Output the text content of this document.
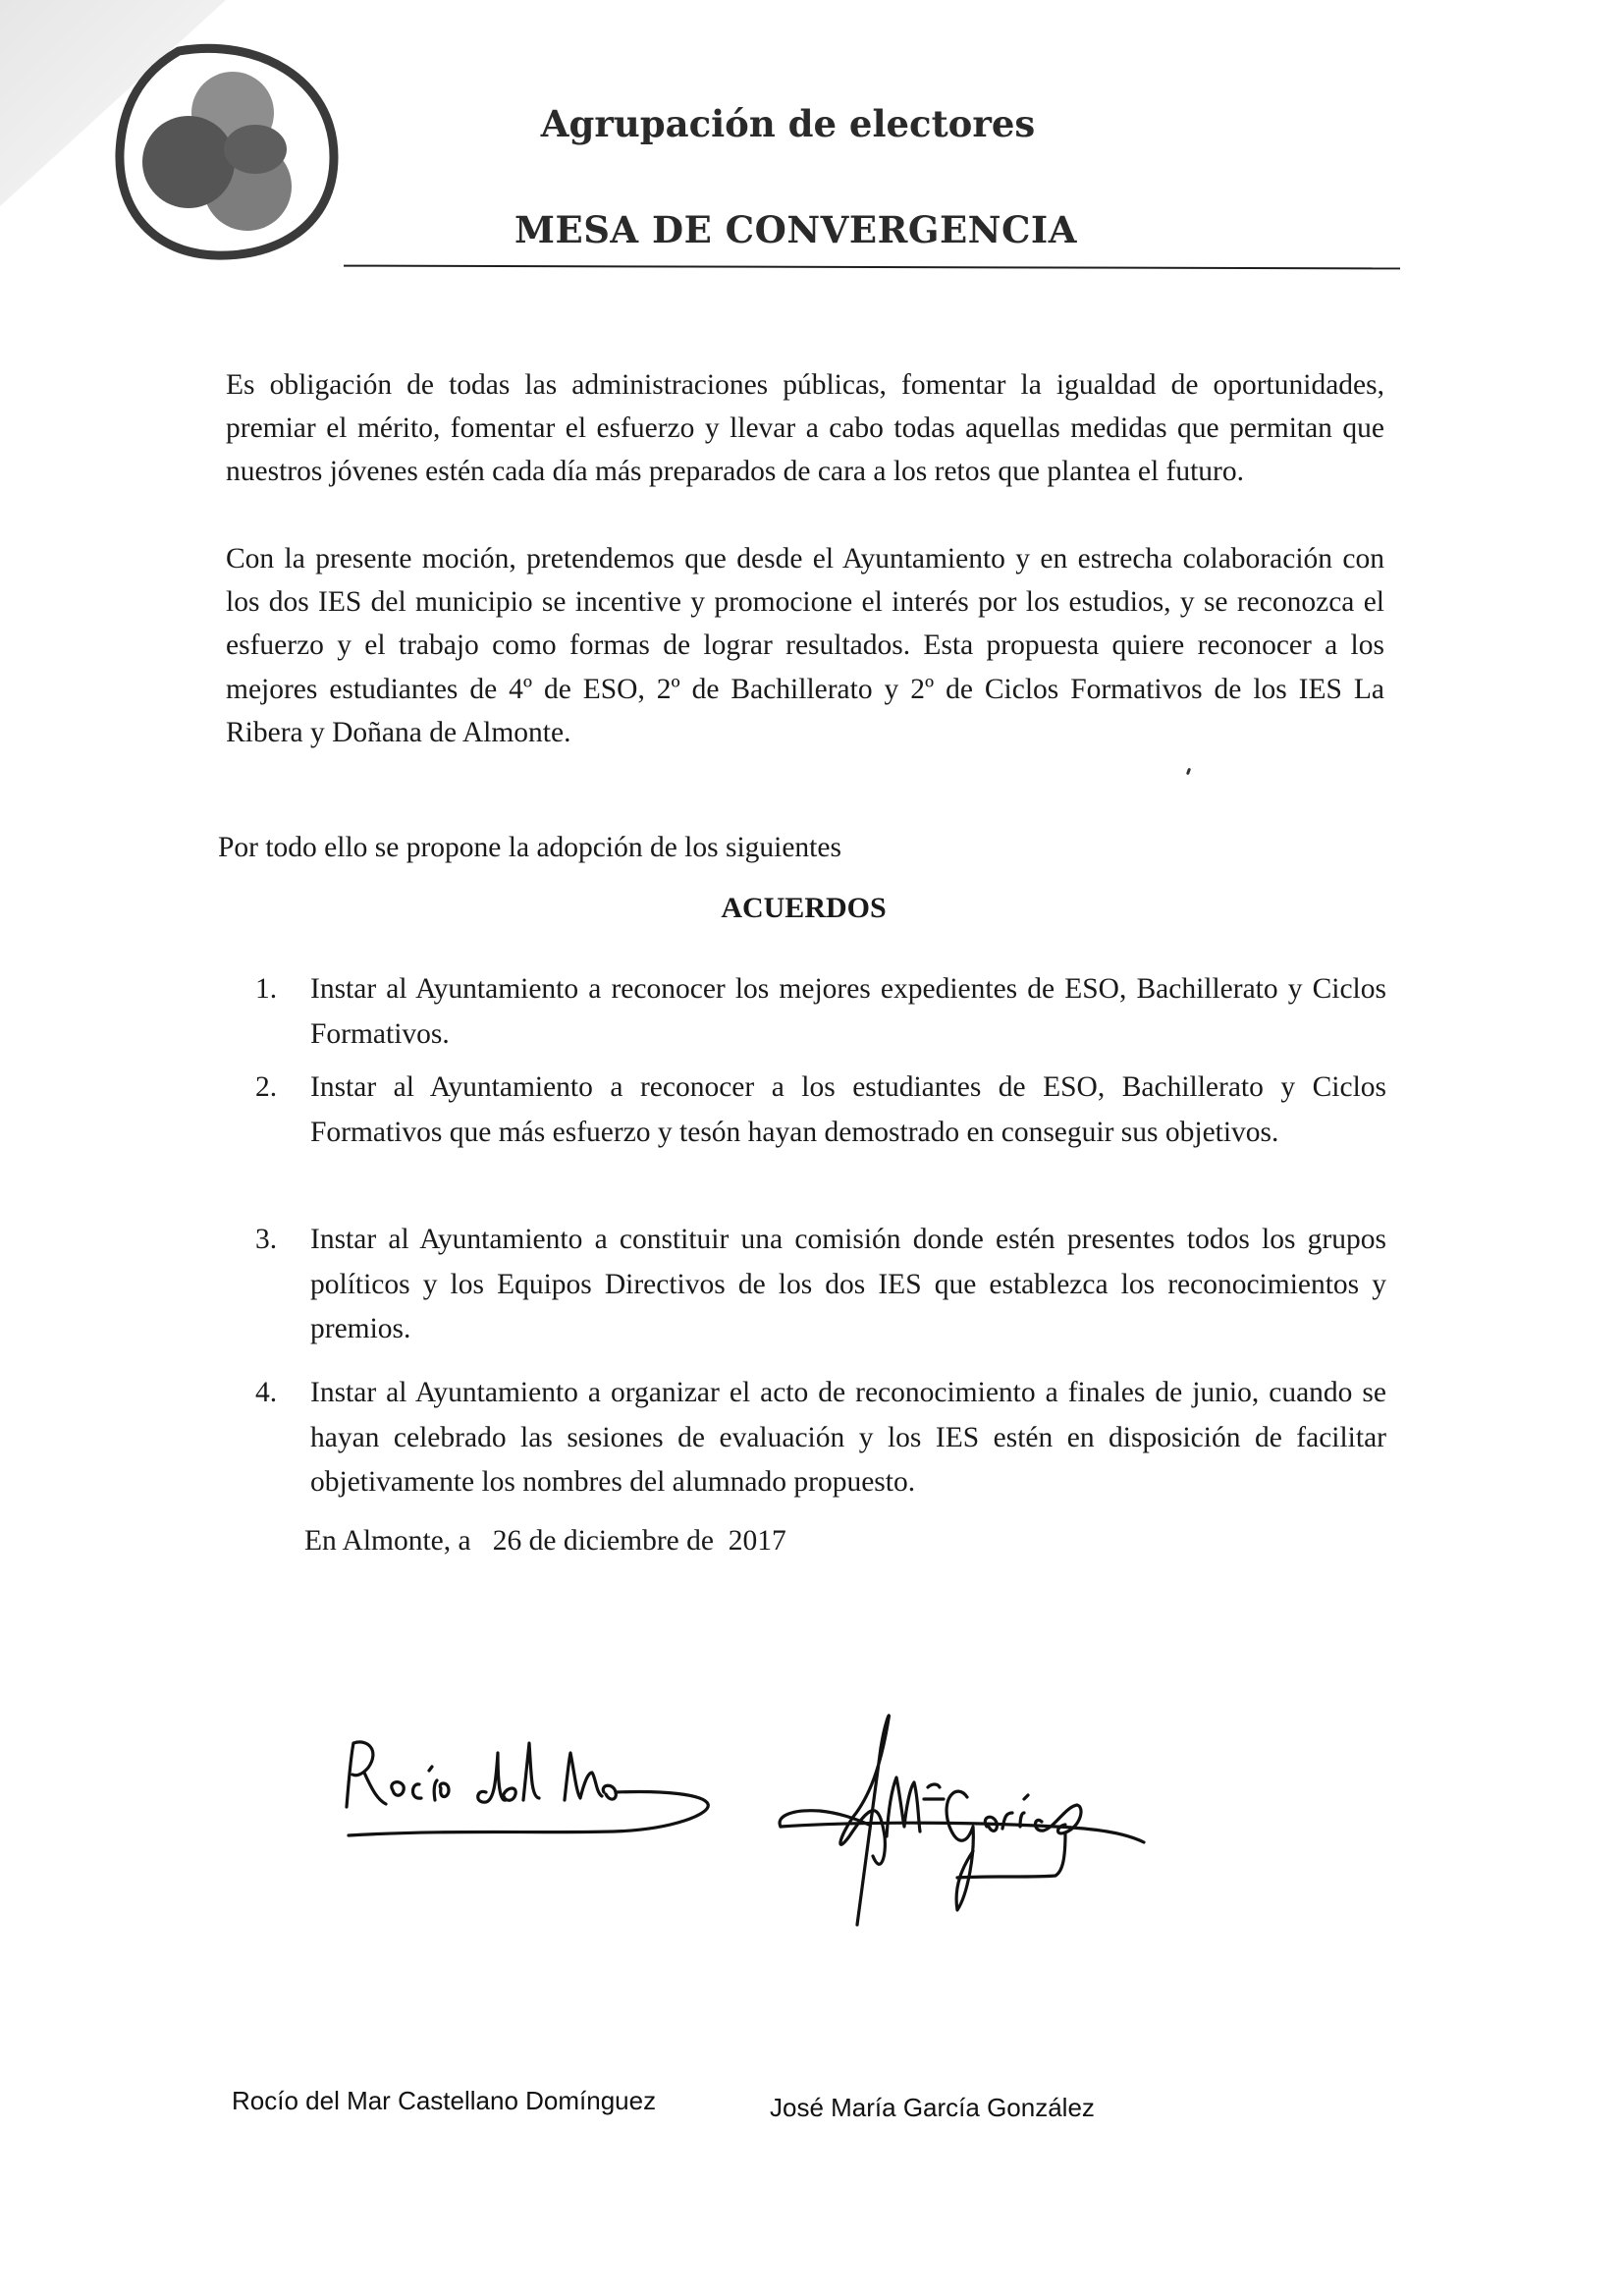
Agrupación de electores
MESA DE CONVERGENCIA
Es obligación de todas las administraciones públicas, fomentar la igualdad de oportunidades, premiar el mérito, fomentar el esfuerzo y llevar a cabo todas aquellas medidas que permitan que nuestros jóvenes estén cada día más preparados de cara a los retos que plantea el futuro.
Con la presente moción, pretendemos que desde el Ayuntamiento y en estrecha colaboración con los dos IES del municipio se incentive y promocione el interés por los estudios, y se reconozca el esfuerzo y el trabajo como formas de lograr resultados. Esta propuesta quiere reconocer a los mejores estudiantes de 4º de ESO, 2º de Bachillerato y 2º de Ciclos Formativos de los IES La Ribera y Doñana de Almonte.
Por todo ello se propone la adopción de los siguientes
ACUERDOS
1.	Instar al Ayuntamiento a reconocer los mejores expedientes de ESO, Bachillerato y Ciclos Formativos.
2.	Instar al Ayuntamiento a reconocer a los estudiantes de ESO, Bachillerato y Ciclos Formativos que más esfuerzo y tesón hayan demostrado en conseguir sus objetivos.
3.	Instar al Ayuntamiento a constituir una comisión donde estén presentes todos los grupos políticos y los Equipos Directivos de los dos IES que establezca los reconocimientos y premios.
4.	Instar al Ayuntamiento a organizar el acto de reconocimiento a finales de junio, cuando se hayan celebrado las sesiones de evaluación y los IES estén en disposición de facilitar objetivamente los nombres del alumnado propuesto.
En Almonte, a   26 de diciembre de  2017
Rocío del Mar Castellano Domínguez	José María García González
